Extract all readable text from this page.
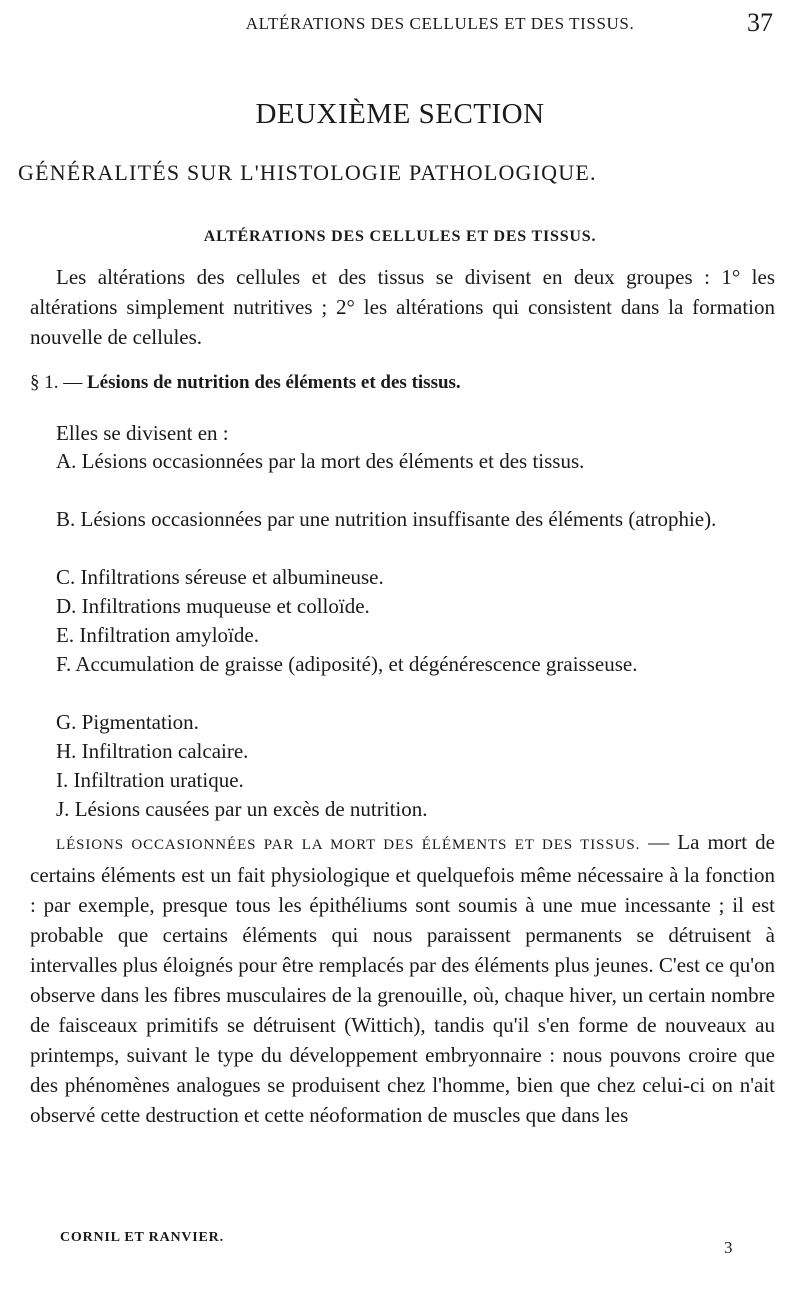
ALTÉRATIONS DES CELLULES ET DES TISSUS.	37
DEUXIÈME SECTION
GÉNÉRALITÉS SUR L'HISTOLOGIE PATHOLOGIQUE.
ALTÉRATIONS DES CELLULES ET DES TISSUS.
Les altérations des cellules et des tissus se divisent en deux groupes : 1° les altérations simplement nutritives ; 2° les altérations qui consistent dans la formation nouvelle de cellules.
§ 1. — Lésions de nutrition des éléments et des tissus.
Elles se divisent en :
A. Lésions occasionnées par la mort des éléments et des tissus.
B. Lésions occasionnées par une nutrition insuffisante des éléments (atrophie).
C. Infiltrations séreuse et albumineuse.
D. Infiltrations muqueuse et colloïde.
E. Infiltration amyloïde.
F. Accumulation de graisse (adiposité), et dégénérescence graisseuse.
G. Pigmentation.
H. Infiltration calcaire.
I. Infiltration uratique.
J. Lésions causées par un excès de nutrition.
LÉSIONS OCCASIONNÉES PAR LA MORT DES ÉLÉMENTS ET DES TISSUS. — La mort de certains éléments est un fait physiologique et quelquefois même nécessaire à la fonction : par exemple, presque tous les épithéliums sont soumis à une mue incessante ; il est probable que certains éléments qui nous paraissent permanents se détruisent à intervalles plus éloignés pour être remplacés par des éléments plus jeunes. C'est ce qu'on observe dans les fibres musculaires de la grenouille, où, chaque hiver, un certain nombre de faisceaux primitifs se détruisent (Wittich), tandis qu'il s'en forme de nouveaux au printemps, suivant le type du développement embryonnaire : nous pouvons croire que des phénomènes analogues se produisent chez l'homme, bien que chez celui-ci on n'ait observé cette destruction et cette néoformation de muscles que dans les
CORNIL ET RANVIER.
3
